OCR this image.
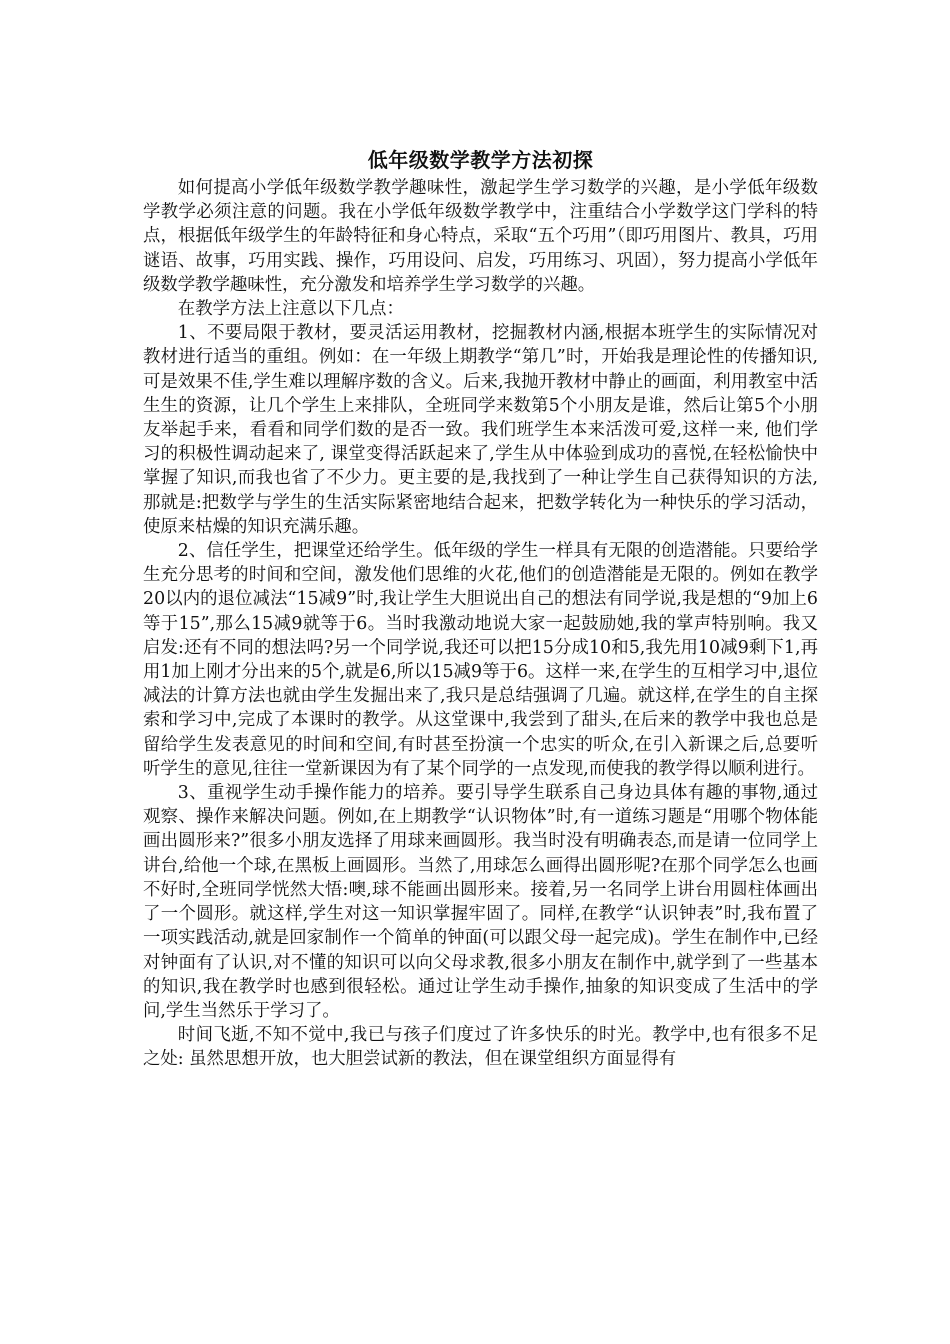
低年级数学教学方法初探

如何提高小学低年级数学教学趣味性，激起学生学习数学的兴趣，是小学低年级数学教学必须注意的问题。我在小学低年级数学教学中，注重结合小学数学这门学科的特点，根据低年级学生的年龄特征和身心特点，采取“五个巧用”（即巧用图片、教具，巧用谜语、故事，巧用实践、操作，巧用设问、启发，巧用练习、巩固），努力提高小学低年级数学教学趣味性，充分激发和培养学生学习数学的兴趣。

在教学方法上注意以下几点：

1、不要局限于教材，要灵活运用教材，挖掘教材内涵,根据本班学生的实际情况对教材进行适当的重组。例如：在一年级上期教学“第几”时，开始我是理论性的传播知识,可是效果不佳,学生难以理解序数的含义。后来,我抛开教材中静止的画面，利用教室中活生生的资源，让几个学生上来排队，全班同学来数第5个小朋友是谁，然后让第5个小朋友举起手来，看看和同学们数的是否一致。我们班学生本来活泼可爱,这样一来, 他们学习的积极性调动起来了, 课堂变得活跃起来了,学生从中体验到成功的喜悦,在轻松愉快中掌握了知识,而我也省了不少力。更主要的是,我找到了一种让学生自己获得知识的方法,那就是:把数学与学生的生活实际紧密地结合起来，把数学转化为一种快乐的学习活动，使原来枯燥的知识充满乐趣。

2、信任学生，把课堂还给学生。低年级的学生一样具有无限的创造潜能。只要给学生充分思考的时间和空间，激发他们思维的火花,他们的创造潜能是无限的。例如在教学20以内的退位减法“15减9”时,我让学生大胆说出自己的想法有同学说,我是想的“9加上6等于15”,那么15减9就等于6。当时我激动地说大家一起鼓励她,我的掌声特别响。我又启发:还有不同的想法吗?另一个同学说,我还可以把15分成10和5,我先用10减9剩下1,再用1加上刚才分出来的5个,就是6,所以15减9等于6。这样一来,在学生的互相学习中,退位减法的计算方法也就由学生发掘出来了,我只是总结强调了几遍。就这样,在学生的自主探索和学习中,完成了本课时的教学。从这堂课中,我尝到了甜头,在后来的教学中我也总是留给学生发表意见的时间和空间,有时甚至扮演一个忠实的听众,在引入新课之后,总要听听学生的意见,往往一堂新课因为有了某个同学的一点发现,而使我的教学得以顺利进行。

3、重视学生动手操作能力的培养。要引导学生联系自己身边具体有趣的事物,通过观察、操作来解决问题。例如,在上期教学“认识物体”时,有一道练习题是“用哪个物体能画出圆形来?”很多小朋友选择了用球来画圆形。我当时没有明确表态,而是请一位同学上讲台,给他一个球,在黑板上画圆形。当然了,用球怎么画得出圆形呢?在那个同学怎么也画不好时,全班同学恍然大悟:噢,球不能画出圆形来。接着,另一名同学上讲台用圆柱体画出了一个圆形。就这样,学生对这一知识掌握牢固了。同样,在教学“认识钟表”时,我布置了一项实践活动,就是回家制作一个简单的钟面(可以跟父母一起完成)。学生在制作中,已经对钟面有了认识,对不懂的知识可以向父母求教,很多小朋友在制作中,就学到了一些基本的知识,我在教学时也感到很轻松。通过让学生动手操作,抽象的知识变成了生活中的学问,学生当然乐于学习了。

时间飞逝,不知不觉中,我已与孩子们度过了许多快乐的时光。教学中,也有很多不足之处: 虽然思想开放，也大胆尝试新的教法，但在课堂组织方面显得有
